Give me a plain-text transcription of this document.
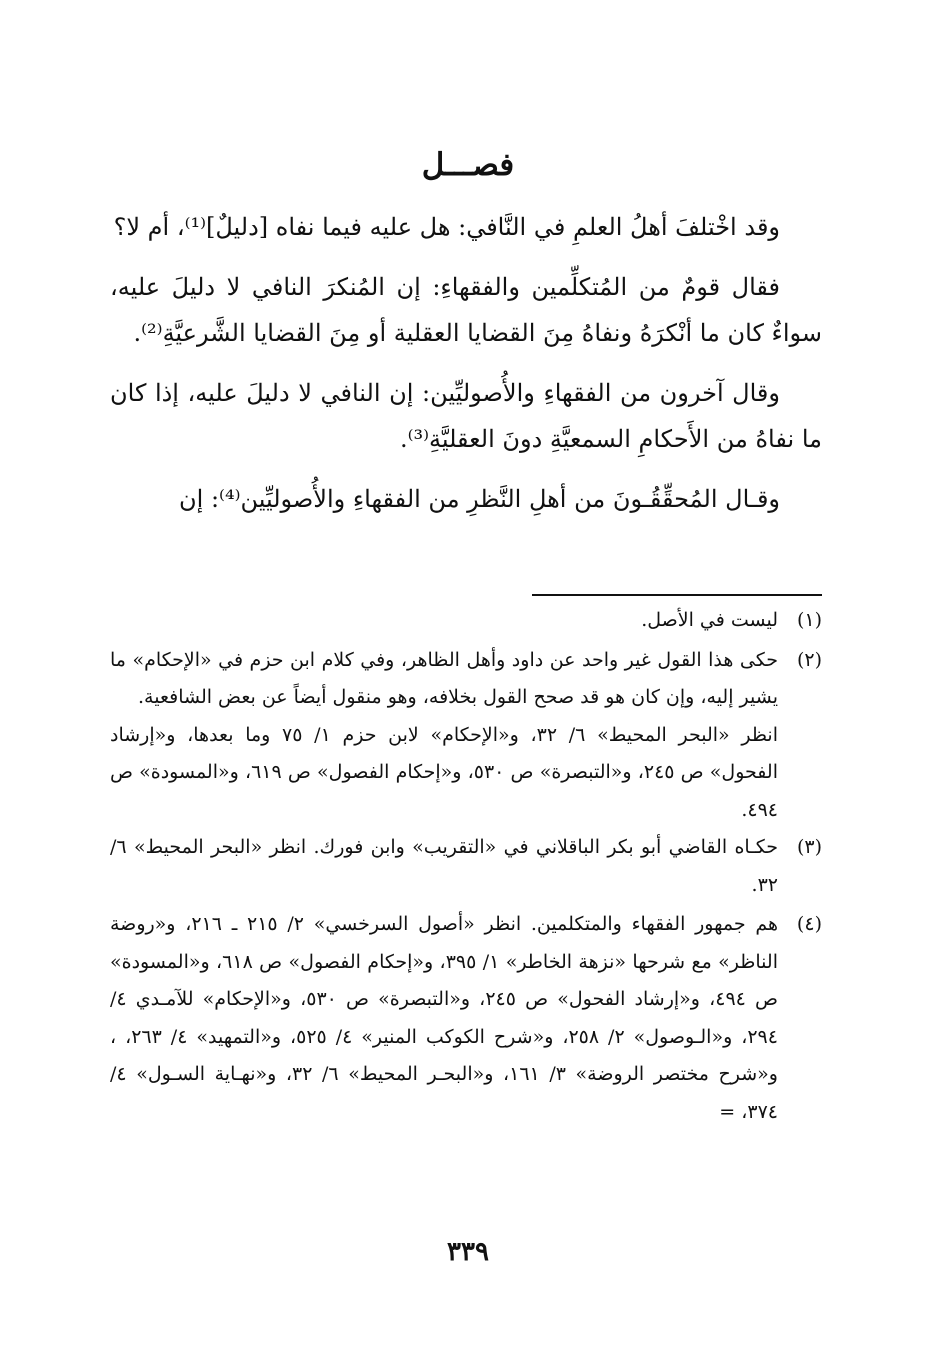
فصـــل

وقد اخْتلفَ أهلُ العلمِ في النَّافي: هل عليه فيما نفاه [دليلٌ]⁽¹⁾، أم لا؟

فقال قومٌ من المُتكلِّمين والفقهاءِ: إن المُنكرَ النافي لا دليلَ عليه، سواءٌ كان ما أنْكرَهُ ونفاهُ مِنَ القضايا العقلية أو مِنَ القضايا الشَّرعيَّةِ⁽²⁾.

وقال آخرون من الفقهاءِ والأُصوليِّين: إن النافي لا دليلَ عليه، إذا كان ما نفاهُ من الأَحكامِ السمعيَّةِ دونَ العقليَّةِ⁽³⁾.

وقـال المُحقِّقُـونَ من أهلِ النَّظرِ من الفقهاءِ والأُصوليِّين⁽⁴⁾: إن

(١)ليست في الأصل.

(٢)حكى هذا القول غير واحد عن داود وأهل الظاهر، وفي كلام ابن حزم في «الإحكام» ما يشير إليه، وإن كان هو قد صحح القول بخلافه، وهو منقول أيضاً عن بعض الشافعية.

انظر «البحر المحيط» ٦/ ٣٢، و«الإحكام» لابن حزم ١/ ٧٥ وما بعدها، و«إرشاد الفحول» ص ٢٤٥، و«التبصرة» ص ٥٣٠، و«إحكام الفصول» ص ٦١٩، و«المسودة» ص ٤٩٤.

(٣)حكـاه القاضي أبو بكر الباقلاني في «التقريب» وابن فورك. انظر «البحر المحيط» ٦/ ٣٢.

(٤)هم جمهور الفقهاء والمتكلمين. انظر «أصول السرخسي» ٢/ ٢١٥ ـ ٢١٦، و«روضة الناظر» مع شرحها «نزهة الخاطر» ١/ ٣٩٥، و«إحكام الفصول» ص ٦١٨، و«المسودة» ص ٤٩٤، و«إرشاد الفحول» ص ٢٤٥، و«التبصرة» ص ٥٣٠، و«الإحكام» للآمـدي ٤/ ٢٩٤، و«الـوصول» ٢/ ٢٥٨، و«شرح الكوكب المنير» ٤/ ٥٢٥، و«التمهيد» ٤/ ٢٦٣، ، و«شرح مختصر الروضة» ٣/ ١٦١، و«البحـر المحيط» ٦/ ٣٢، و«نهـاية السـول» ٤/ ٣٧٤، =

٣٣٩
